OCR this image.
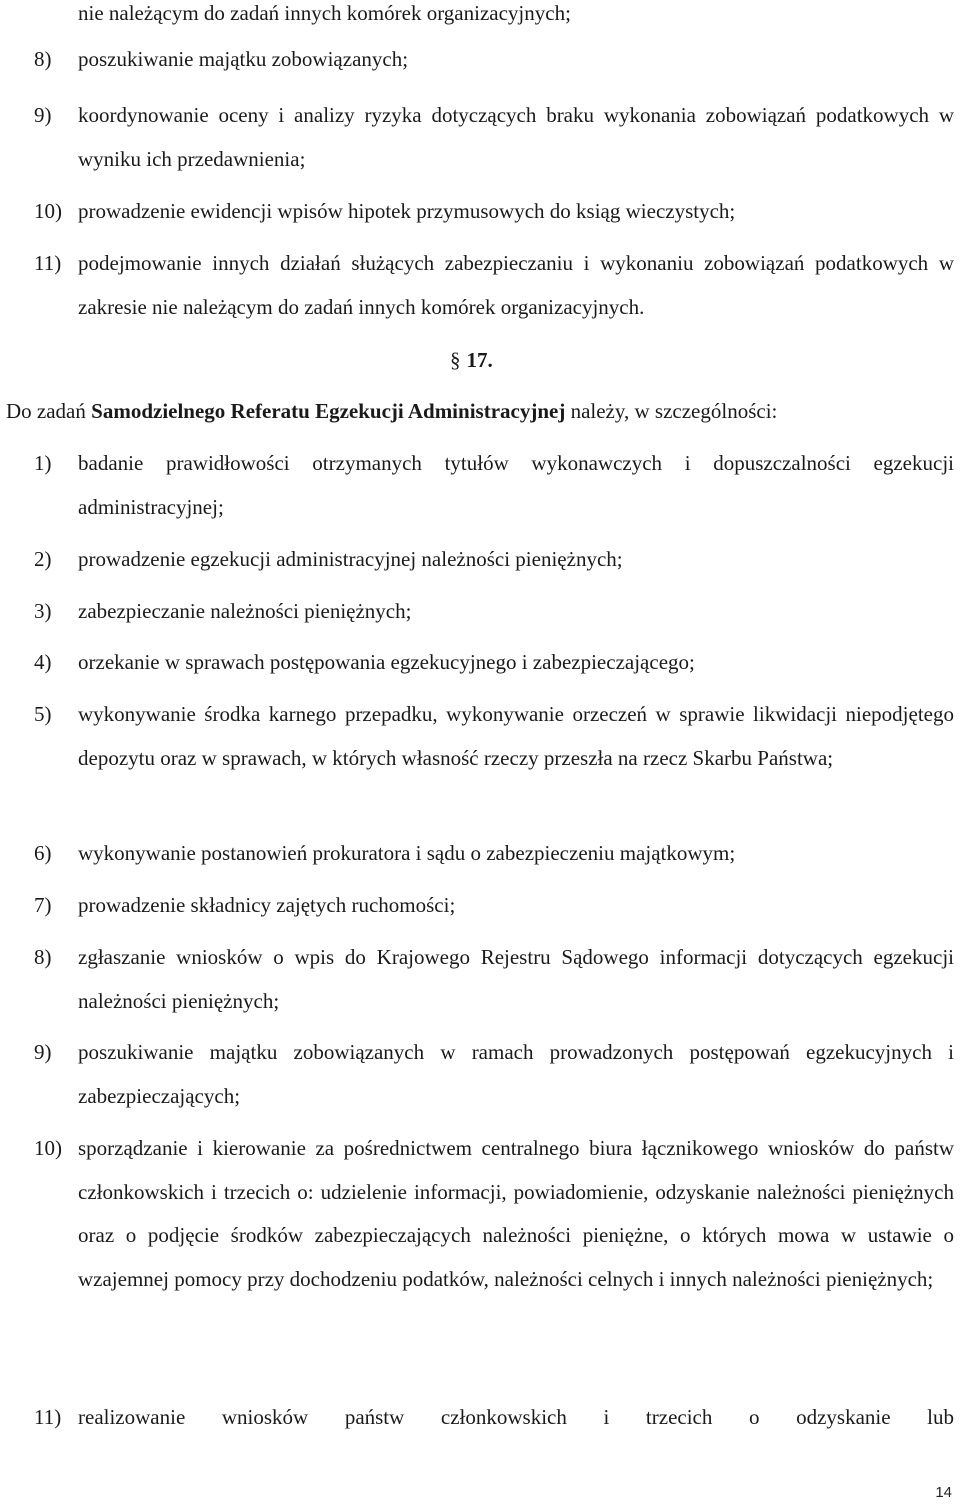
nie należącym do zadań innych komórek organizacyjnych;
8) poszukiwanie majątku zobowiązanych;
9) koordynowanie oceny i analizy ryzyka dotyczących braku wykonania zobowiązań podatkowych w wyniku ich przedawnienia;
10) prowadzenie ewidencji wpisów hipotek przymusowych do ksiąg wieczystych;
11) podejmowanie innych działań służących zabezpieczaniu i wykonaniu zobowiązań podatkowych w zakresie nie należącym do zadań innych komórek organizacyjnych.
§ 17.
Do zadań Samodzielnego Referatu Egzekucji Administracyjnej należy, w szczególności:
1) badanie prawidłowości otrzymanych tytułów wykonawczych i dopuszczalności egzekucji administracyjnej;
2) prowadzenie egzekucji administracyjnej należności pieniężnych;
3) zabezpieczanie należności pieniężnych;
4) orzekanie w sprawach postępowania egzekucyjnego i zabezpieczającego;
5) wykonywanie środka karnego przepadku, wykonywanie orzeczeń w sprawie likwidacji niepodjętego depozytu oraz w sprawach, w których własność rzeczy przeszła na rzecz Skarbu Państwa;
6) wykonywanie postanowień prokuratora i sądu o zabezpieczeniu majątkowym;
7) prowadzenie składnicy zajętych ruchomości;
8) zgłaszanie wniosków o wpis do Krajowego Rejestru Sądowego informacji dotyczących egzekucji należności pieniężnych;
9) poszukiwanie majątku zobowiązanych w ramach prowadzonych postępowań egzekucyjnych i zabezpieczających;
10) sporządzanie i kierowanie za pośrednictwem centralnego biura łącznikowego wniosków do państw członkowskich i trzecich o: udzielenie informacji, powiadomienie, odzyskanie należności pieniężnych oraz o podjęcie środków zabezpieczających należności pieniężne, o których mowa w ustawie o wzajemnej pomocy przy dochodzeniu podatków, należności celnych i innych należności pieniężnych;
11) realizowanie wniosków państw członkowskich i trzecich o odzyskanie lub
14
